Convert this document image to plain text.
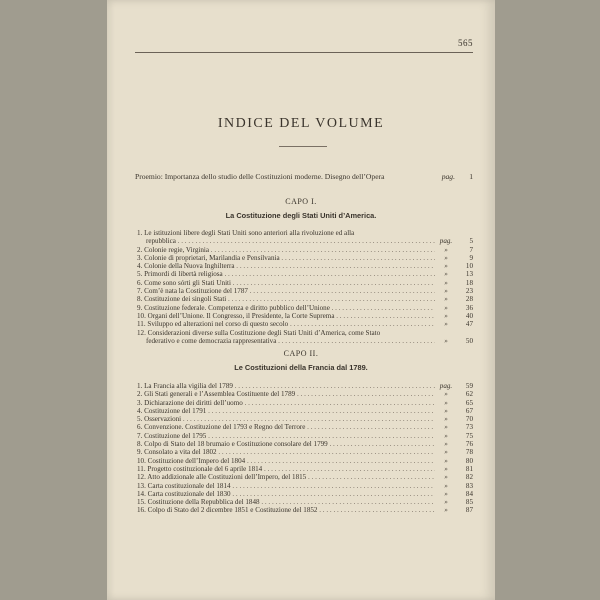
565
INDICE DEL VOLUME
Proemio: Importanza dello studio delle Costituzioni moderne. Disegno dell’Opera	pag.	1
CAPO I.
La Costituzione degli Stati Uniti d’America.
1. Le istituzioni libere degli Stati Uniti sono anteriori alla rivoluzione ed alla
repubblica . . .	pag.	5
2. Colonie regie, Virginia . . .	»	7
3. Colonie di proprietari, Marilandia e Pensilvania . . .	»	9
4. Colonie della Nuova Inghilterra . . .	»	10
5. Primordi di libertà religiosa . . .	»	13
6. Come sono sórti gli Stati Uniti . . .	»	18
7. Com’è nata la Costituzione del 1787 . . .	»	23
8. Costituzione dei singoli Stati . . .	»	28
9. Costituzione federale. Competenza e diritto pubblico dell’Unione . . .	»	36
10. Organi dell’Unione. Il Congresso, il Presidente, la Corte Suprema . . .	»	40
11. Sviluppo ed alterazioni nel corso di questo secolo . . .	»	47
12. Considerazioni diverse sulla Costituzione degli Stati Uniti d’America, come Stato
federativo e come democrazia rappresentativa . . .	»	50
CAPO II.
Le Costituzioni della Francia dal 1789.
1. La Francia alla vigilia del 1789 . . .	pag.	59
2. Gli Stati generali e l’Assemblea Costituente del 1789 . . .	»	62
3. Dichiarazione dei diritti dell’uomo . . .	»	65
4. Costituzione del 1791 . . .	»	67
5. Osservazioni . . .	»	70
6. Convenzione. Costituzione del 1793 e Regno del Terrore . . .	»	73
7. Costituzione del 1795 . . .	»	75
8. Colpo di Stato del 18 brumaio e Costituzione consolare del 1799 . . .	»	76
9. Consolato a vita del 1802 . . .	»	78
10. Costituzione dell’Impero del 1804 . . .	»	80
11. Progetto costituzionale del 6 aprile 1814 . . .	»	81
12. Atto addizionale alle Costituzioni dell’Impero, del 1815 . . .	»	82
13. Carta costituzionale del 1814 . . .	»	83
14. Carta costituzionale del 1830 . . .	»	84
15. Costituzione della Repubblica del 1848 . . .	»	85
16. Colpo di Stato del 2 dicembre 1851 e Costituzione del 1852 . . .	»	87
